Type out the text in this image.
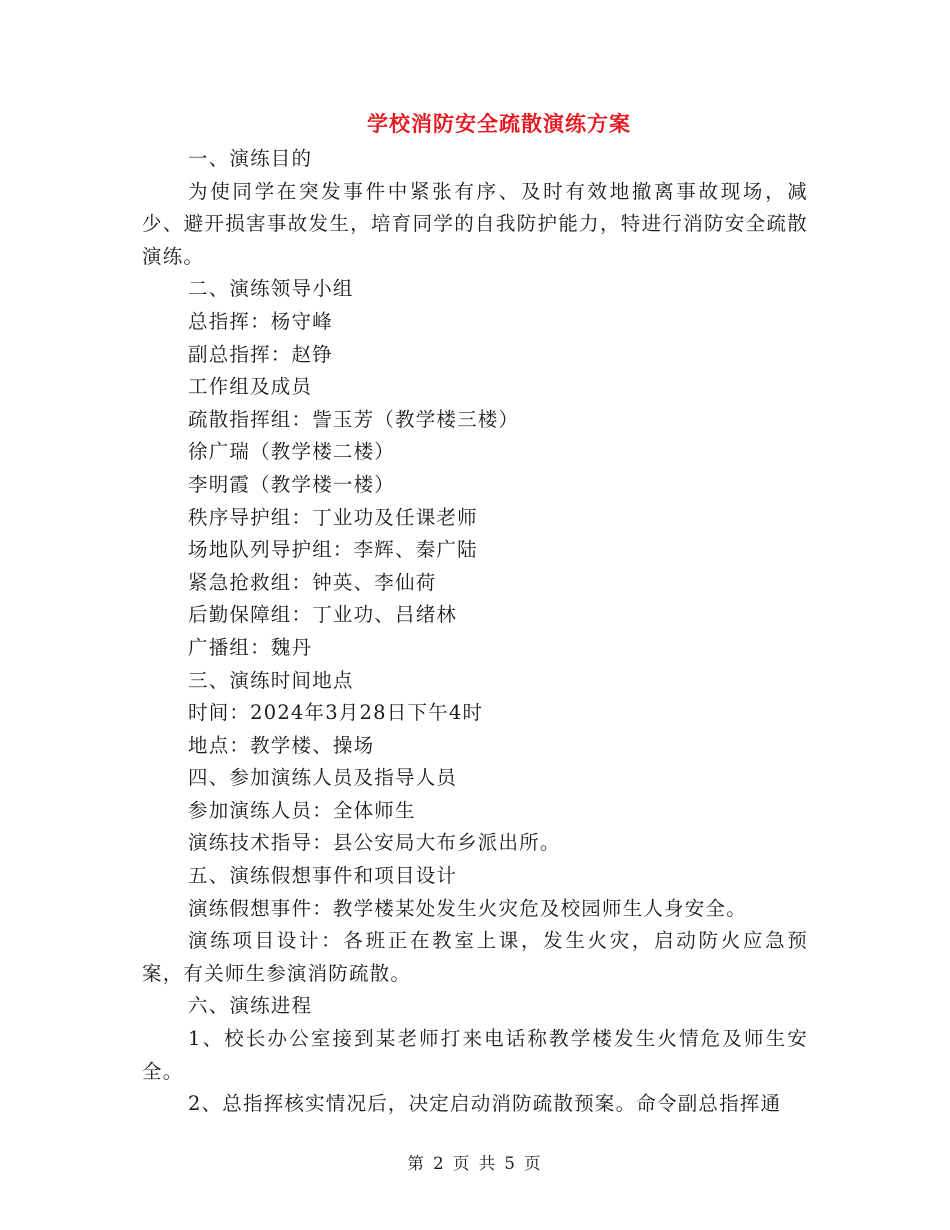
学校消防安全疏散演练方案

一、演练目的

为使同学在突发事件中紧张有序、及时有效地撤离事故现场，减少、避开损害事故发生，培育同学的自我防护能力，特进行消防安全疏散演练。

二、演练领导小组

总指挥：杨守峰

副总指挥：赵铮

工作组及成员

疏散指挥组：訾玉芳（教学楼三楼）

徐广瑞（教学楼二楼）

李明霞（教学楼一楼）

秩序导护组：丁业功及任课老师

场地队列导护组：李辉、秦广陆

紧急抢救组：钟英、李仙荷

后勤保障组：丁业功、吕绪林

广播组：魏丹

三、演练时间地点

时间：2024年3月28日下午4时

地点：教学楼、操场

四、参加演练人员及指导人员

参加演练人员：全体师生

演练技术指导：县公安局大布乡派出所。

五、演练假想事件和项目设计

演练假想事件：教学楼某处发生火灾危及校园师生人身安全。

演练项目设计：各班正在教室上课，发生火灾，启动防火应急预案，有关师生参演消防疏散。

六、演练进程

1、校长办公室接到某老师打来电话称教学楼发生火情危及师生安全。

2、总指挥核实情况后，决定启动消防疏散预案。命令副总指挥通

第 2 页 共 5 页
